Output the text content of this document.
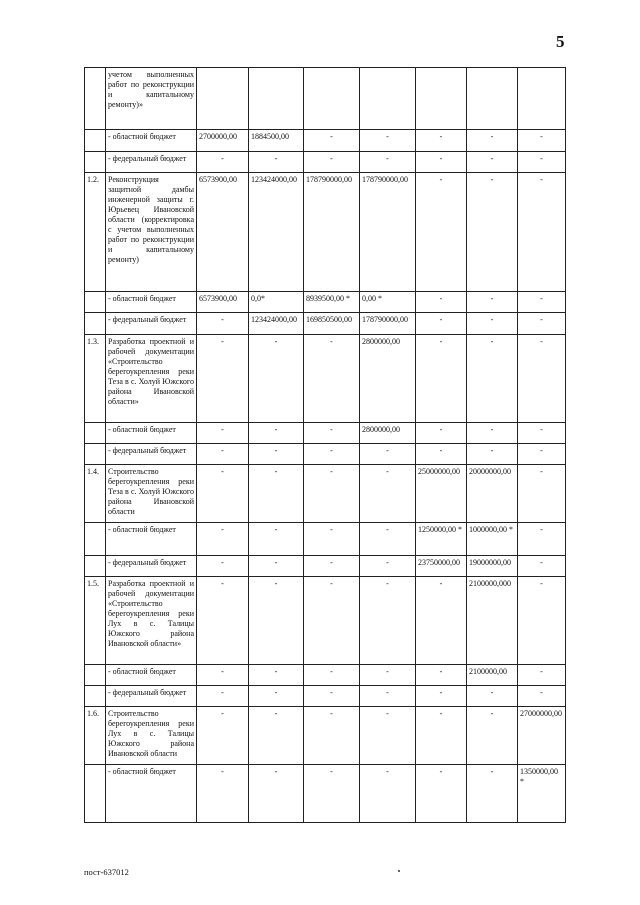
5
	учетом выполненных работ по реконструкции и капитальному ремонту)»							
	- областной бюджет	2700000,00	1884500,00	-	-	-	-	-
	- федеральный бюджет	-	-	-	-	-	-	-
1.2.	Реконструкция защитной дамбы инженерной защиты г. Юрьевец Ивановской области (корректировка с учетом выполненных работ по реконструкции и капитальному ремонту)	6573900,00	123424000,00	178790000,00	178790000,00	-	-	-
	- областной бюджет	6573900,00	0,0*	8939500,00 *	0,00 *	-	-	-
	- федеральный бюджет	-	123424000,00	169850500,00	178790000,00	-	-	-
1.3.	Разработка проектной и рабочей документации «Строительство берегоукрепления реки Теза в с. Холуй Южского района Ивановской области»	-	-	-	2800000,00	-	-	-
	- областной бюджет	-	-	-	2800000,00	-	-	-
	- федеральный бюджет	-	-	-	-	-	-	-
1.4.	Строительство берегоукрепления реки Теза в с. Холуй Южского района Ивановской области	-	-	-	-	25000000,00	20000000,00	-
	- областной бюджет	-	-	-	-	1250000,00 *	1000000,00 *	-
	- федеральный бюджет	-	-	-	-	23750000,00	19000000,00	-
1.5.	Разработка проектной и рабочей документации «Строительство берегоукрепления реки Лух в с. Талицы Южского района Ивановской области»	-	-	-	-	-	2100000,000	-
	- областной бюджет	-	-	-	-	-	2100000,00	-
	- федеральный бюджет	-	-	-	-	-	-	-
1.6.	Строительство берегоукрепления реки Лух в с. Талицы Южского района Ивановской области	-	-	-	-	-	-	27000000,00
	- областной бюджет	-	-	-	-	-	-	1350000,00 *
пост-637012
